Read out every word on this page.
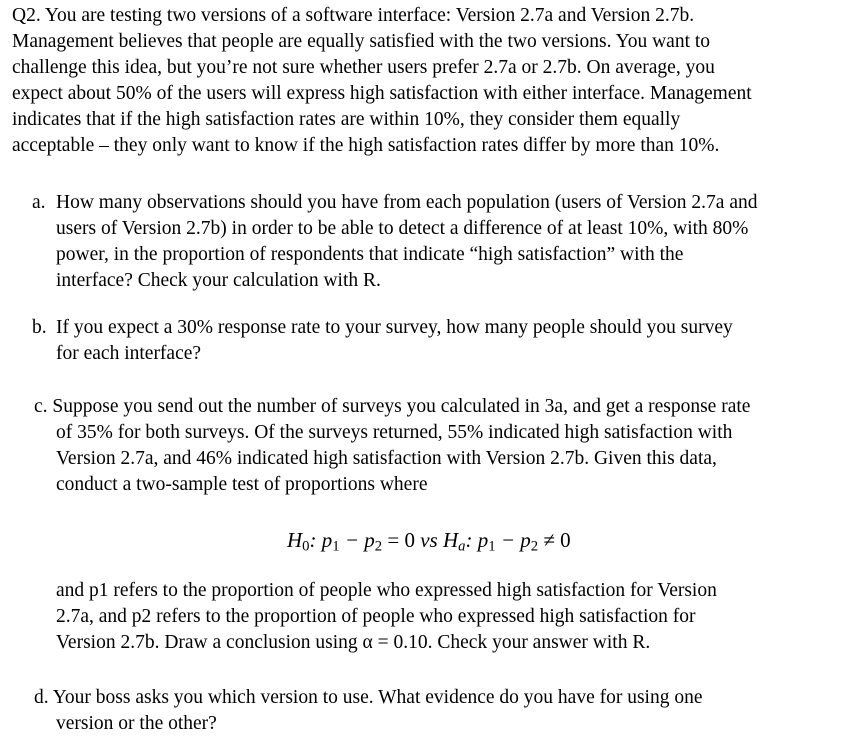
Q2. You are testing two versions of a software interface: Version 2.7a and Version 2.7b.
Management believes that people are equally satisfied with the two versions. You want to
challenge this idea, but you’re not sure whether users prefer 2.7a or 2.7b. On average, you
expect about 50% of the users will express high satisfaction with either interface. Management
indicates that if the high satisfaction rates are within 10%, they consider them equally
acceptable – they only want to know if the high satisfaction rates differ by more than 10%.
a. How many observations should you have from each population (users of Version 2.7a and
users of Version 2.7b) in order to be able to detect a difference of at least 10%, with 80%
power, in the proportion of respondents that indicate “high satisfaction” with the
interface? Check your calculation with R.
b. If you expect a 30% response rate to your survey, how many people should you survey
for each interface?
c. Suppose you send out the number of surveys you calculated in 3a, and get a response rate
of 35% for both surveys. Of the surveys returned, 55% indicated high satisfaction with
Version 2.7a, and 46% indicated high satisfaction with Version 2.7b. Given this data,
conduct a two-sample test of proportions where
$H_0$: $p_1 - p_2 = 0$ vs $H_a$: $p_1 - p_2 \ne 0$
and p1 refers to the proportion of people who expressed high satisfaction for Version
2.7a, and p2 refers to the proportion of people who expressed high satisfaction for
Version 2.7b. Draw a conclusion using α = 0.10. Check your answer with R.
d. Your boss asks you which version to use. What evidence do you have for using one
version or the other?
